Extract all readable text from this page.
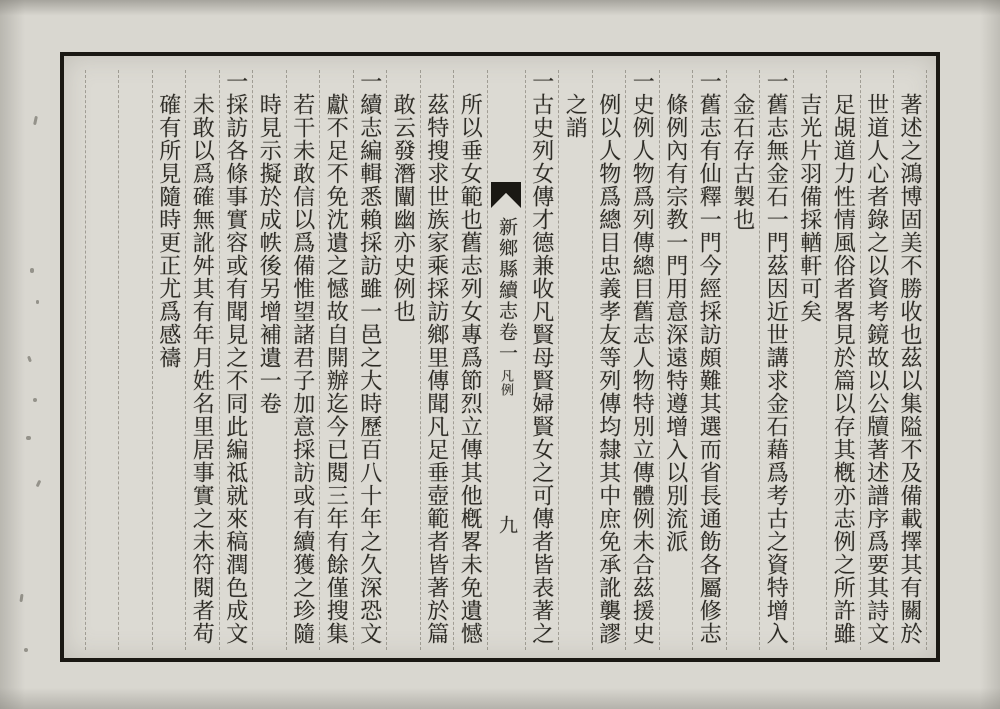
著述之鴻博固美不勝收也茲以集隘不及備載擇其有關於
世道人心者錄之以資考鏡故以公牘著述譜序爲要其詩文
足覘道力性情風俗者畧見於篇以存其槪亦志例之所許雖
吉光片羽備採輶軒可矣
一舊志無金石一門茲因近世講求金石藉爲考古之資特增入
金石存古製也
一舊志有仙釋一門今經採訪頗難其選而省長通飭各屬修志
條例內有宗教一門用意深遠特遵增入以別流派
一史例人物爲列傳總目舊志人物特別立傳體例未合茲援史
例以人物爲總目忠義孝友等列傳均隸其中庶免承訛襲謬
之誚
一古史列女傳才德兼收凡賢母賢婦賢女之可傳者皆表著之
新鄉縣續志卷一
凡例
九
所以垂女範也舊志列女專爲節烈立傳其他槪畧未免遺憾
茲特搜求世族家乘採訪鄉里傳聞凡足垂壺範者皆著於篇
敢云發潛闡幽亦史例也
一續志編輯悉賴採訪雖一邑之大時歷百八十年之久深恐文
獻不足不免沈遺之憾故自開辦迄今已閱三年有餘僅搜集
若干未敢信以爲備惟望諸君子加意採訪或有續獲之珍隨
時見示擬於成帙後另增補遺一卷
一採訪各條事實容或有聞見之不同此編祗就來稿潤色成文
未敢以爲確無訛舛其有年月姓名里居事實之未符閱者苟
確有所見隨時更正尤爲感禱
